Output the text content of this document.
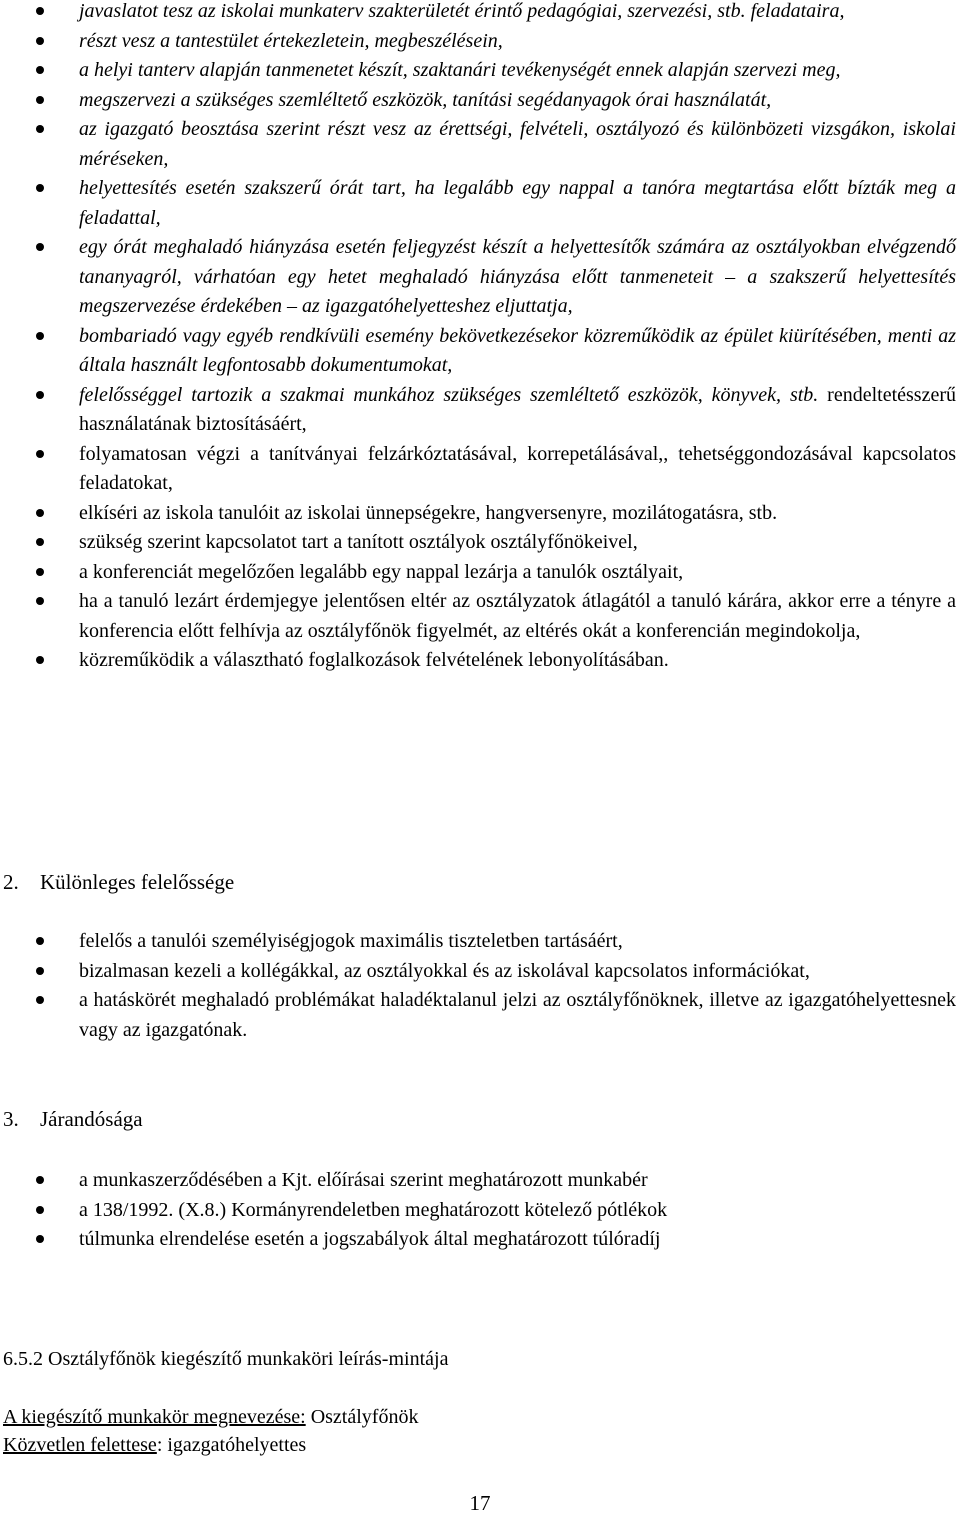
javaslatot tesz az iskolai munkaterv szakterületét érintő pedagógiai, szervezési, stb. feladataira,
részt vesz a tantestület értekezletein, megbeszélésein,
a helyi tanterv alapján tanmenetet készít, szaktanári tevékenységét ennek alapján szervezi meg,
megszervezi a szükséges szemléltető eszközök, tanítási segédanyagok órai használatát,
az igazgató beosztása szerint részt vesz az érettségi, felvételi, osztályozó és különbözeti vizsgákon, iskolai méréseken,
helyettesítés esetén szakszerű órát tart, ha legalább egy nappal a tanóra megtartása előtt bízták meg a feladattal,
egy órát meghaladó hiányzása esetén feljegyzést készít a helyettesítők számára az osztályokban elvégzendő tananyagról, várhatóan egy hetet meghaladó hiányzása előtt tanmeneteit – a szakszerű helyettesítés megszervezése érdekében – az igazgatóhelyetteshez eljuttatja,
bombariadó vagy egyéb rendkívüli esemény bekövetkezésekor közreműködik az épület kiürítésében, menti az általa használt legfontosabb dokumentumokat,
felelősséggel tartozik a szakmai munkához szükséges szemléltető eszközök, könyvek, stb. rendeltetésszerű használatának biztosításáért,
folyamatosan végzi a tanítványai felzárkóztatásával, korrepetálásával,, tehetséggondozásával kapcsolatos feladatokat,
elkíséri az iskola tanulóit az iskolai ünnepségekre, hangversenyre, mozilátogatásra, stb.
szükség szerint kapcsolatot tart a tanított osztályok osztályfőnökeivel,
a konferenciát megelőzően legalább egy nappal lezárja a tanulók osztályait,
ha a tanuló lezárt érdemjegye jelentősen eltér az osztályzatok átlagától a tanuló kárára, akkor erre a tényre a konferencia előtt felhívja az osztályfőnök figyelmét, az eltérés okát a konferencián megindokolja,
közreműködik a választható foglalkozások felvételének lebonyolításában.
2. Különleges felelőssége
felelős a tanulói személyiségjogok maximális tiszteletben tartásáért,
bizalmasan kezeli a kollégákkal, az osztályokkal és az iskolával kapcsolatos információkat,
a hatáskörét meghaladó problémákat haladéktalanul jelzi az osztályfőnöknek, illetve az igazgatóhelyettesnek vagy az igazgatónak.
3. Járandósága
a munkaszerződésében a Kjt. előírásai szerint meghatározott munkabér
a 138/1992. (X.8.) Kormányrendeletben meghatározott kötelező pótlékok
túlmunka elrendelése esetén a jogszabályok által meghatározott túlóradíj
6.5.2 Osztályfőnök kiegészítő munkaköri leírás-mintája
A kiegészítő munkakör megnevezése: Osztályfőnök
Közvetlen felettese: igazgatóhelyettes
17
